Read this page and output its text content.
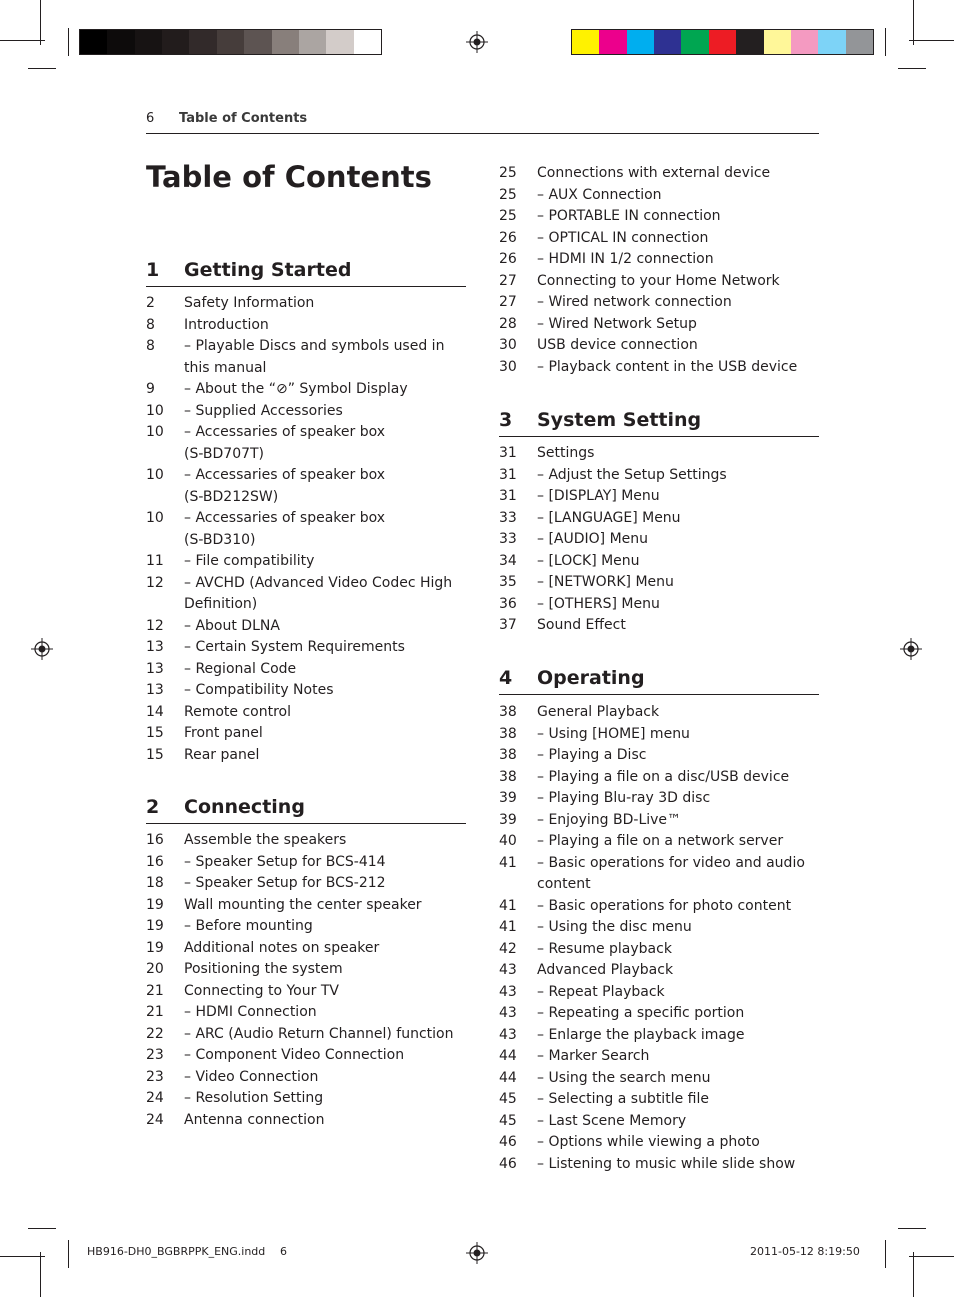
6 Table of Contents
Table of Contents
1 Getting Started
2	Safety Information
8	Introduction
8	– Playable Discs and symbols used in
this manual
9	– About the “⊘” Symbol Display
10	– Supplied Accessories
10	– Accessaries of speaker box
(S-BD707T)
10	– Accessaries of speaker box
(S-BD212SW)
10	– Accessaries of speaker box
(S-BD310)
11	– File compatibility
12	– AVCHD (Advanced Video Codec High
Definition)
12	– About DLNA
13	– Certain System Requirements
13	– Regional Code
13	– Compatibility Notes
14	Remote control
15	Front panel
15	Rear panel
2 Connecting
16	Assemble the speakers
16	– Speaker Setup for BCS-414
18	– Speaker Setup for BCS-212
19	Wall mounting the center speaker
19	– Before mounting
19	Additional notes on speaker
20	Positioning the system
21	Connecting to Your TV
21	– HDMI Connection
22	– ARC (Audio Return Channel) function
23	– Component Video Connection
23	– Video Connection
24	– Resolution Setting
24	Antenna connection
25	Connections with external device
25	– AUX Connection
25	– PORTABLE IN connection
26	– OPTICAL IN connection
26	– HDMI IN 1/2 connection
27	Connecting to your Home Network
27	– Wired network connection
28	– Wired Network Setup
30	USB device connection
30	– Playback content in the USB device
3 System Setting
31	Settings
31	– Adjust the Setup Settings
31	– [DISPLAY] Menu
33	– [LANGUAGE] Menu
33	– [AUDIO] Menu
34	– [LOCK] Menu
35	– [NETWORK] Menu
36	– [OTHERS] Menu
37	Sound Effect
4 Operating
38	General Playback
38	– Using [HOME] menu
38	– Playing a Disc
38	– Playing a file on a disc/USB device
39	– Playing Blu-ray 3D disc
39	– Enjoying BD-Live™
40	– Playing a file on a network server
41	– Basic operations for video and audio
content
41	– Basic operations for photo content
41	– Using the disc menu
42	– Resume playback
43	Advanced Playback
43	– Repeat Playback
43	– Repeating a specific portion
43	– Enlarge the playback image
44	– Marker Search
44	– Using the search menu
45	– Selecting a subtitle file
45	– Last Scene Memory
46	– Options while viewing a photo
46	– Listening to music while slide show
HB916-DH0_BGBRPPK_ENG.indd 6	2011-05-12 8:19:50
